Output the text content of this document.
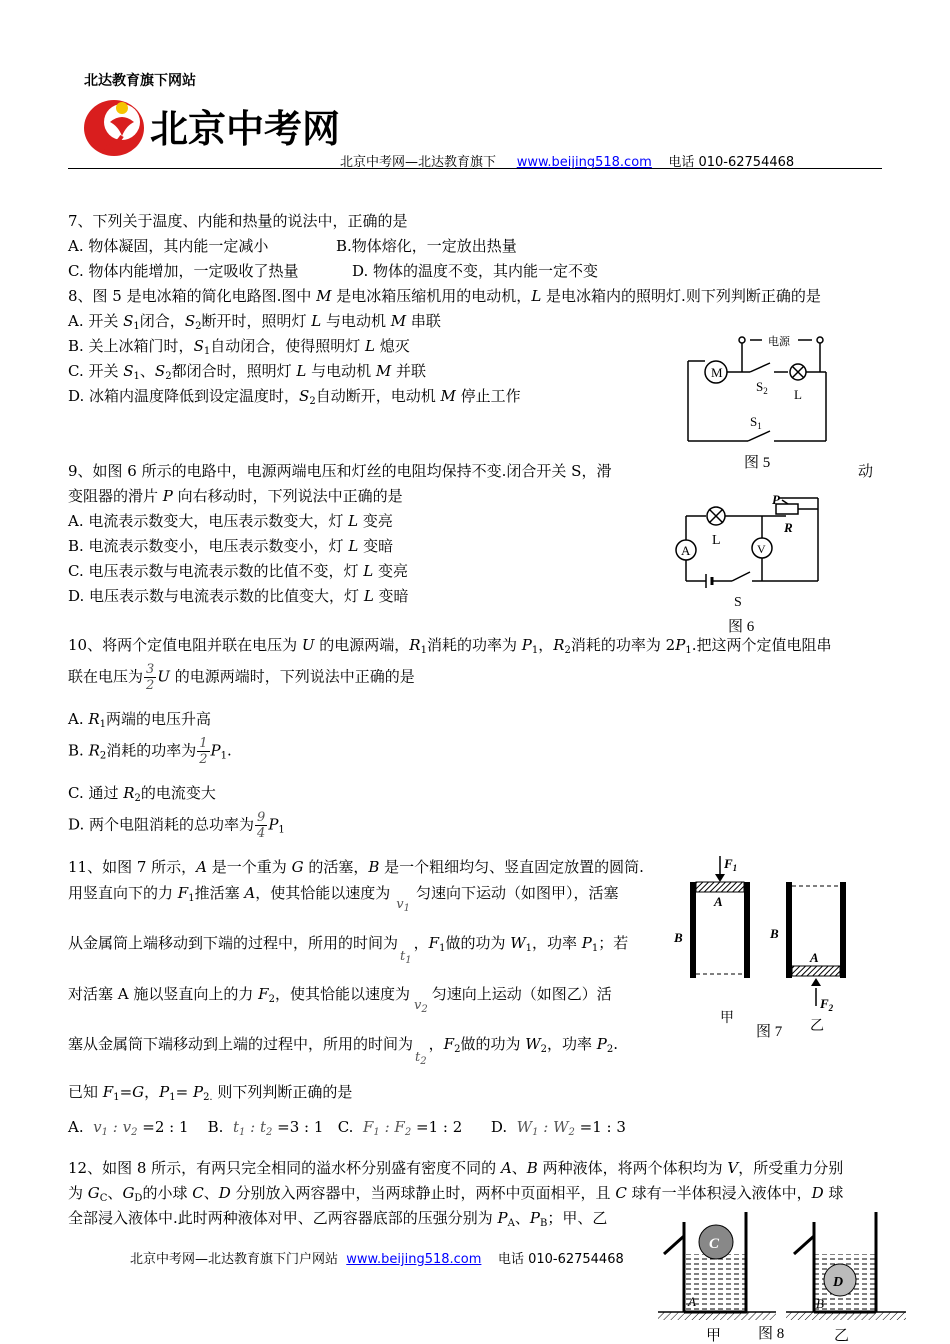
北达教育旗下网站
北京中考网
北京中考网—北达教育旗下 www.beijing518.com 电话 010-62754468
7、下列关于温度、内能和热量的说法中，正确的是
A. 物体凝固，其内能一定减小	B.物体熔化，一定放出热量
C. 物体内能增加，一定吸收了热量	D. 物体的温度不变，其内能一定不变
8、图 5 是电冰箱的简化电路图.图中 M 是电冰箱压缩机用的电动机，L 是电冰箱内的照明灯.则下列判断正确的是
A. 开关 $S_1$闭合，$S_2$断开时，照明灯 L 与电动机 M 串联
B. 关上冰箱门时，$S_1$自动闭合，使得照明灯 L 熄灭
C. 开关 $S_1$、$S_2$都闭合时，照明灯 L 与电动机 M 并联
D. 冰箱内温度降低到设定温度时，$S_2$自动断开，电动机 M 停止工作
M
电源
$S_2$ L
$S_1$
图 5
9、如图 6 所示的电路中，电源两端电压和灯丝的电阻均保持不变.闭合开关 S，滑	动
变阻器的滑片 P 向右移动时，下列说法中正确的是
A. 电流表示数变大，电压表示数变大，灯 L 变亮
B. 电流表示数变小，电压表示数变小，灯 L 变暗
C. 电压表示数与电流表示数的比值不变，灯 L 变亮
D. 电压表示数与电流表示数的比值变大，灯 L 变暗
A	V
L
P
R
S
图 6
10、将两个定值电阻并联在电压为 U 的电源两端，$R_1$消耗的功率为 $P_1$，$R_2$消耗的功率为 $2P_1$.把这两个定值电阻串
联在电压为 $\frac{3}{2}$ U 的电源两端时，下列说法中正确的是
A. $R_1$两端的电压升高
B. $R_2$消耗的功率为 $\frac{1}{2} P_1$.
C. 通过 $R_2$的电流变大
D. 两个电阻消耗的总功率为 $\frac{9}{4} P_1$
11、如图 7 所示，A 是一个重为 G 的活塞，B 是一个粗细均匀、竖直固定放置的圆筒.
用竖直向下的力 $F_1$推活塞 A，使其恰能以速度为$v_1$匀速向下运动（如图甲），活塞
从金属筒上端移动到下端的过程中，所用的时间为$t_1$，$F_1$做的功为 $W_1$，功率 $P_1$；若
对活塞 A 施以竖直向上的力 $F_2$，使其恰能以速度为$v_2$匀速向上运动（如图乙）活
塞从金属筒下端移动到上端的过程中，所用的时间为$t_2$，$F_2$做的功为 $W_2$，功率 $P_2$.
已知 $F_1=G$，$P_1= P_{2.}$ 则下列判断正确的是
A. $v_1$ : $v_2 =2$ : 1 B. $t_1$ : $t_2 =3$ : 1 C. $F_1$ : $F_2 =1$ : 2 D. $W_1$ : $W_2 =1$ : 3
$F_1$
A
B
甲
$F_2$
A
B
乙
图 7
12、如图 8 所示，有两只完全相同的溢水杯分别盛有密度不同的 A、B 两种液体，将两个体积均为 V，所受重力分别
为 $G_C$、$G_D$的小球 C、D 分别放入两容器中，当两球静止时，两杯中页面相平，且 C 球有一半体积浸入液体中，D 球
全部浸入液体中.此时两种液体对甲、乙两容器底部的压强分别为 $P_A$、$P_B$；甲、乙
C
A
甲
D
B
乙
图 8
北京中考网—北达教育旗下门户网站 www.beijing518.com 电话 010-62754468
